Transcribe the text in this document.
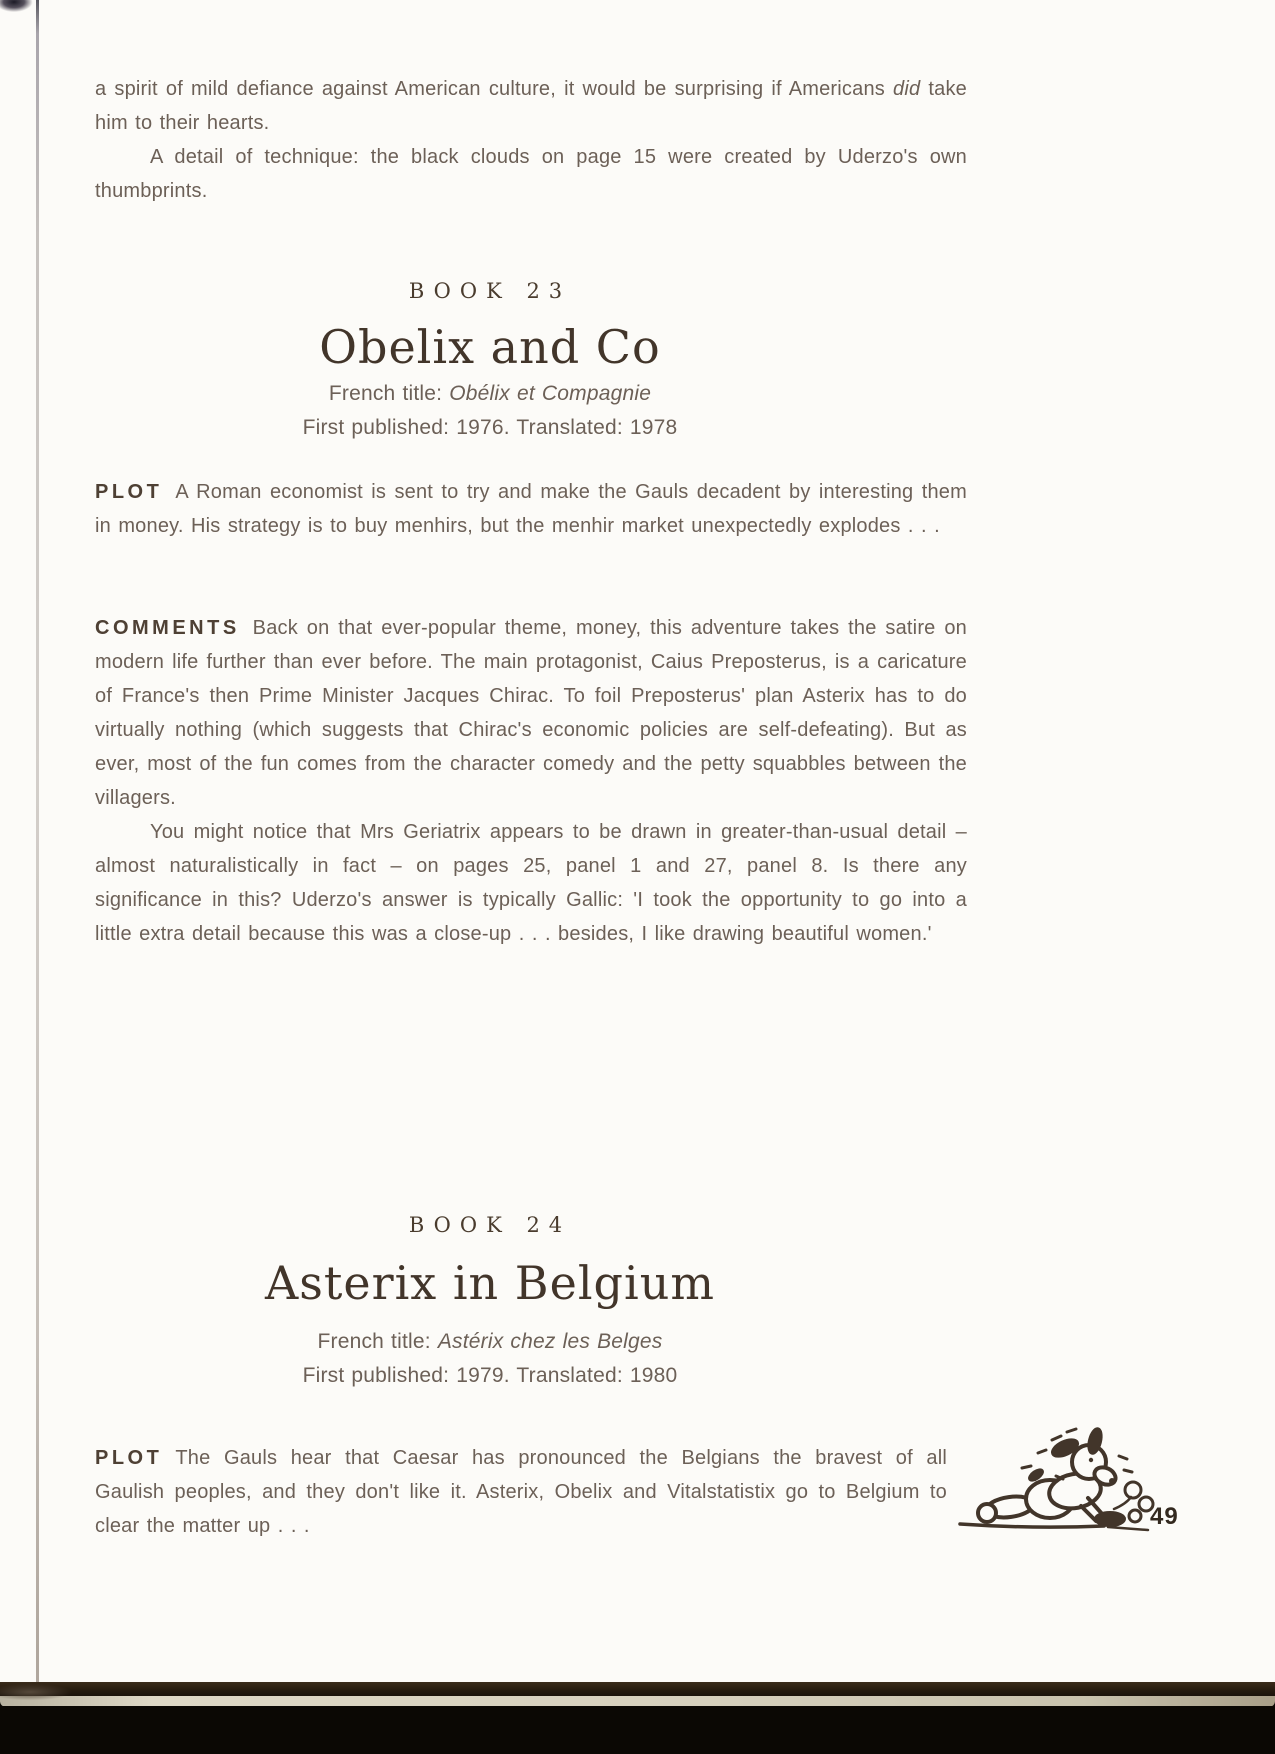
a spirit of mild defiance against American culture, it would be surprising if Americans did take him to their hearts.

A detail of technique: the black clouds on page 15 were created by Uderzo's own thumbprints.

BOOK 23
Obelix and Co
French title: Obélix et Compagnie
First published: 1976. Translated: 1978

PLOT A Roman economist is sent to try and make the Gauls decadent by interesting them in money. His strategy is to buy menhirs, but the menhir market unexpectedly explodes . . .

COMMENTS Back on that ever-popular theme, money, this adventure takes the satire on modern life further than ever before. The main protagonist, Caius Preposterus, is a caricature of France's then Prime Minister Jacques Chirac. To foil Preposterus' plan Asterix has to do virtually nothing (which suggests that Chirac's economic policies are self-defeating). But as ever, most of the fun comes from the character comedy and the petty squabbles between the villagers.

You might notice that Mrs Geriatrix appears to be drawn in greater-than-usual detail – almost naturalistically in fact – on pages 25, panel 1 and 27, panel 8. Is there any significance in this? Uderzo's answer is typically Gallic: 'I took the opportunity to go into a little extra detail because this was a close-up . . . besides, I like drawing beautiful women.'

BOOK 24
Asterix in Belgium
French title: Astérix chez les Belges
First published: 1979. Translated: 1980

PLOT The Gauls hear that Caesar has pronounced the Belgians the bravest of all Gaulish peoples, and they don't like it. Asterix, Obelix and Vitalstatistix go to Belgium to clear the matter up . . .	49
